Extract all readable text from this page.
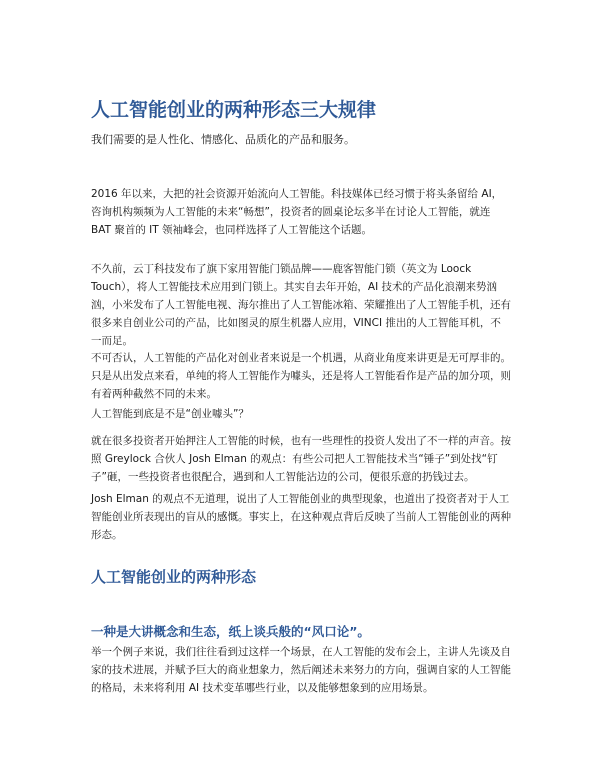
人工智能创业的两种形态三大规律

我们需要的是人性化、情感化、品质化的产品和服务。

2016 年以来，大把的社会资源开始流向人工智能。科技媒体已经习惯于将头条留给 AI，咨询机构频频为人工智能的未来“畅想”，投资者的圆桌论坛多半在讨论人工智能，就连 BAT 聚首的 IT 领袖峰会，也同样选择了人工智能这个话题。

不久前，云丁科技发布了旗下家用智能门锁品牌——鹿客智能门锁（英文为 Loock Touch），将人工智能技术应用到门锁上。其实自去年开始，AI 技术的产品化浪潮来势汹汹，小米发布了人工智能电视、海尔推出了人工智能冰箱、荣耀推出了人工智能手机，还有很多来自创业公司的产品，比如图灵的原生机器人应用，VINCI 推出的人工智能耳机，不一而足。

不可否认，人工智能的产品化对创业者来说是一个机遇，从商业角度来讲更是无可厚非的。只是从出发点来看，单纯的将人工智能作为噱头，还是将人工智能看作是产品的加分项，则有着两种截然不同的未来。

人工智能到底是不是“创业噱头”？

就在很多投资者开始押注人工智能的时候，也有一些理性的投资人发出了不一样的声音。按照 Greylock 合伙人 Josh Elman 的观点：有些公司把人工智能技术当“锤子”到处找“钉子”砸，一些投资者也很配合，遇到和人工智能沾边的公司，便很乐意的扔钱过去。

Josh Elman 的观点不无道理，说出了人工智能创业的典型现象，也道出了投资者对于人工智能创业所表现出的盲从的感慨。事实上，在这种观点背后反映了当前人工智能创业的两种形态。

人工智能创业的两种形态
一种是大讲概念和生态，纸上谈兵般的“风口论”。

举一个例子来说，我们往往看到过这样一个场景，在人工智能的发布会上，主讲人先谈及自家的技术进展，并赋予巨大的商业想象力，然后阐述未来努力的方向，强调自家的人工智能的格局，未来将利用 AI 技术变革哪些行业，以及能够想象到的应用场景。
